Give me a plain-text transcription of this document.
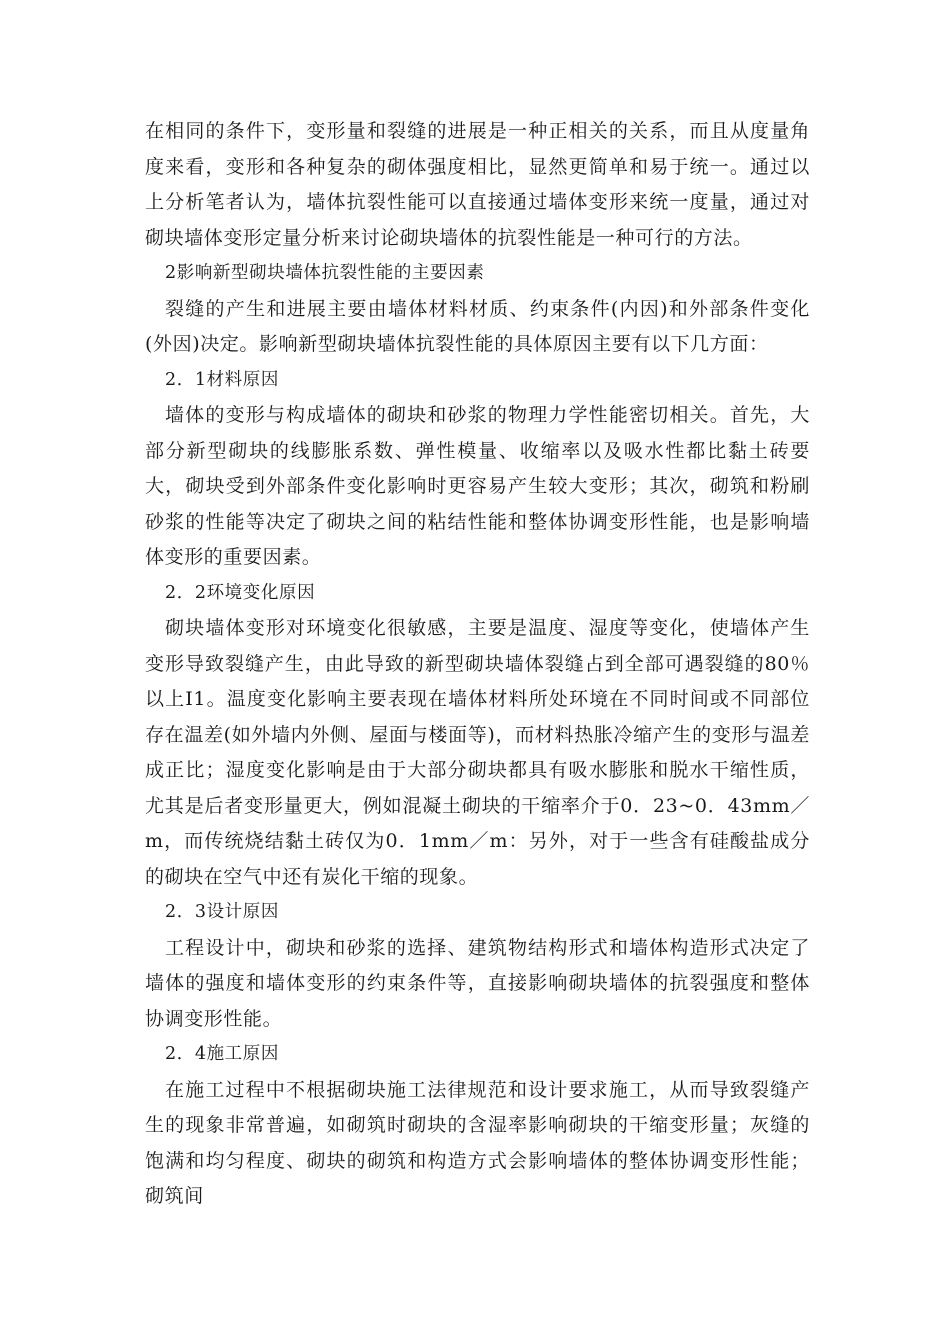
在相同的条件下，变形量和裂缝的进展是一种正相关的关系，而且从度量角度来看，变形和各种复杂的砌体强度相比，显然更简单和易于统一。通过以上分析笔者认为，墙体抗裂性能可以直接通过墙体变形来统一度量，通过对砌块墙体变形定量分析来讨论砌块墙体的抗裂性能是一种可行的方法。

2影响新型砌块墙体抗裂性能的主要因素

裂缝的产生和进展主要由墙体材料材质、约束条件(内因)和外部条件变化(外因)决定。影响新型砌块墙体抗裂性能的具体原因主要有以下几方面：

2．1材料原因

墙体的变形与构成墙体的砌块和砂浆的物理力学性能密切相关。首先，大部分新型砌块的线膨胀系数、弹性模量、收缩率以及吸水性都比黏土砖要大，砌块受到外部条件变化影响时更容易产生较大变形；其次，砌筑和粉刷砂浆的性能等决定了砌块之间的粘结性能和整体协调变形性能，也是影响墙体变形的重要因素。

2．2环境变化原因

砌块墙体变形对环境变化很敏感，主要是温度、湿度等变化，使墙体产生变形导致裂缝产生，由此导致的新型砌块墙体裂缝占到全部可遇裂缝的80％以上I1。温度变化影响主要表现在墙体材料所处环境在不同时间或不同部位存在温差(如外墙内外侧、屋面与楼面等)，而材料热胀冷缩产生的变形与温差成正比；湿度变化影响是由于大部分砌块都具有吸水膨胀和脱水干缩性质，尤其是后者变形量更大，例如混凝土砌块的干缩率介于0．23~0．43mm／m，而传统烧结黏土砖仅为0．1mm／m：另外，对于一些含有硅酸盐成分的砌块在空气中还有炭化干缩的现象。

2．3设计原因

工程设计中，砌块和砂浆的选择、建筑物结构形式和墙体构造形式决定了墙体的强度和墙体变形的约束条件等，直接影响砌块墙体的抗裂强度和整体协调变形性能。

2．4施工原因

在施工过程中不根据砌块施工法律规范和设计要求施工，从而导致裂缝产生的现象非常普遍，如砌筑时砌块的含湿率影响砌块的干缩变形量；灰缝的饱满和均匀程度、砌块的砌筑和构造方式会影响墙体的整体协调变形性能；砌筑间
